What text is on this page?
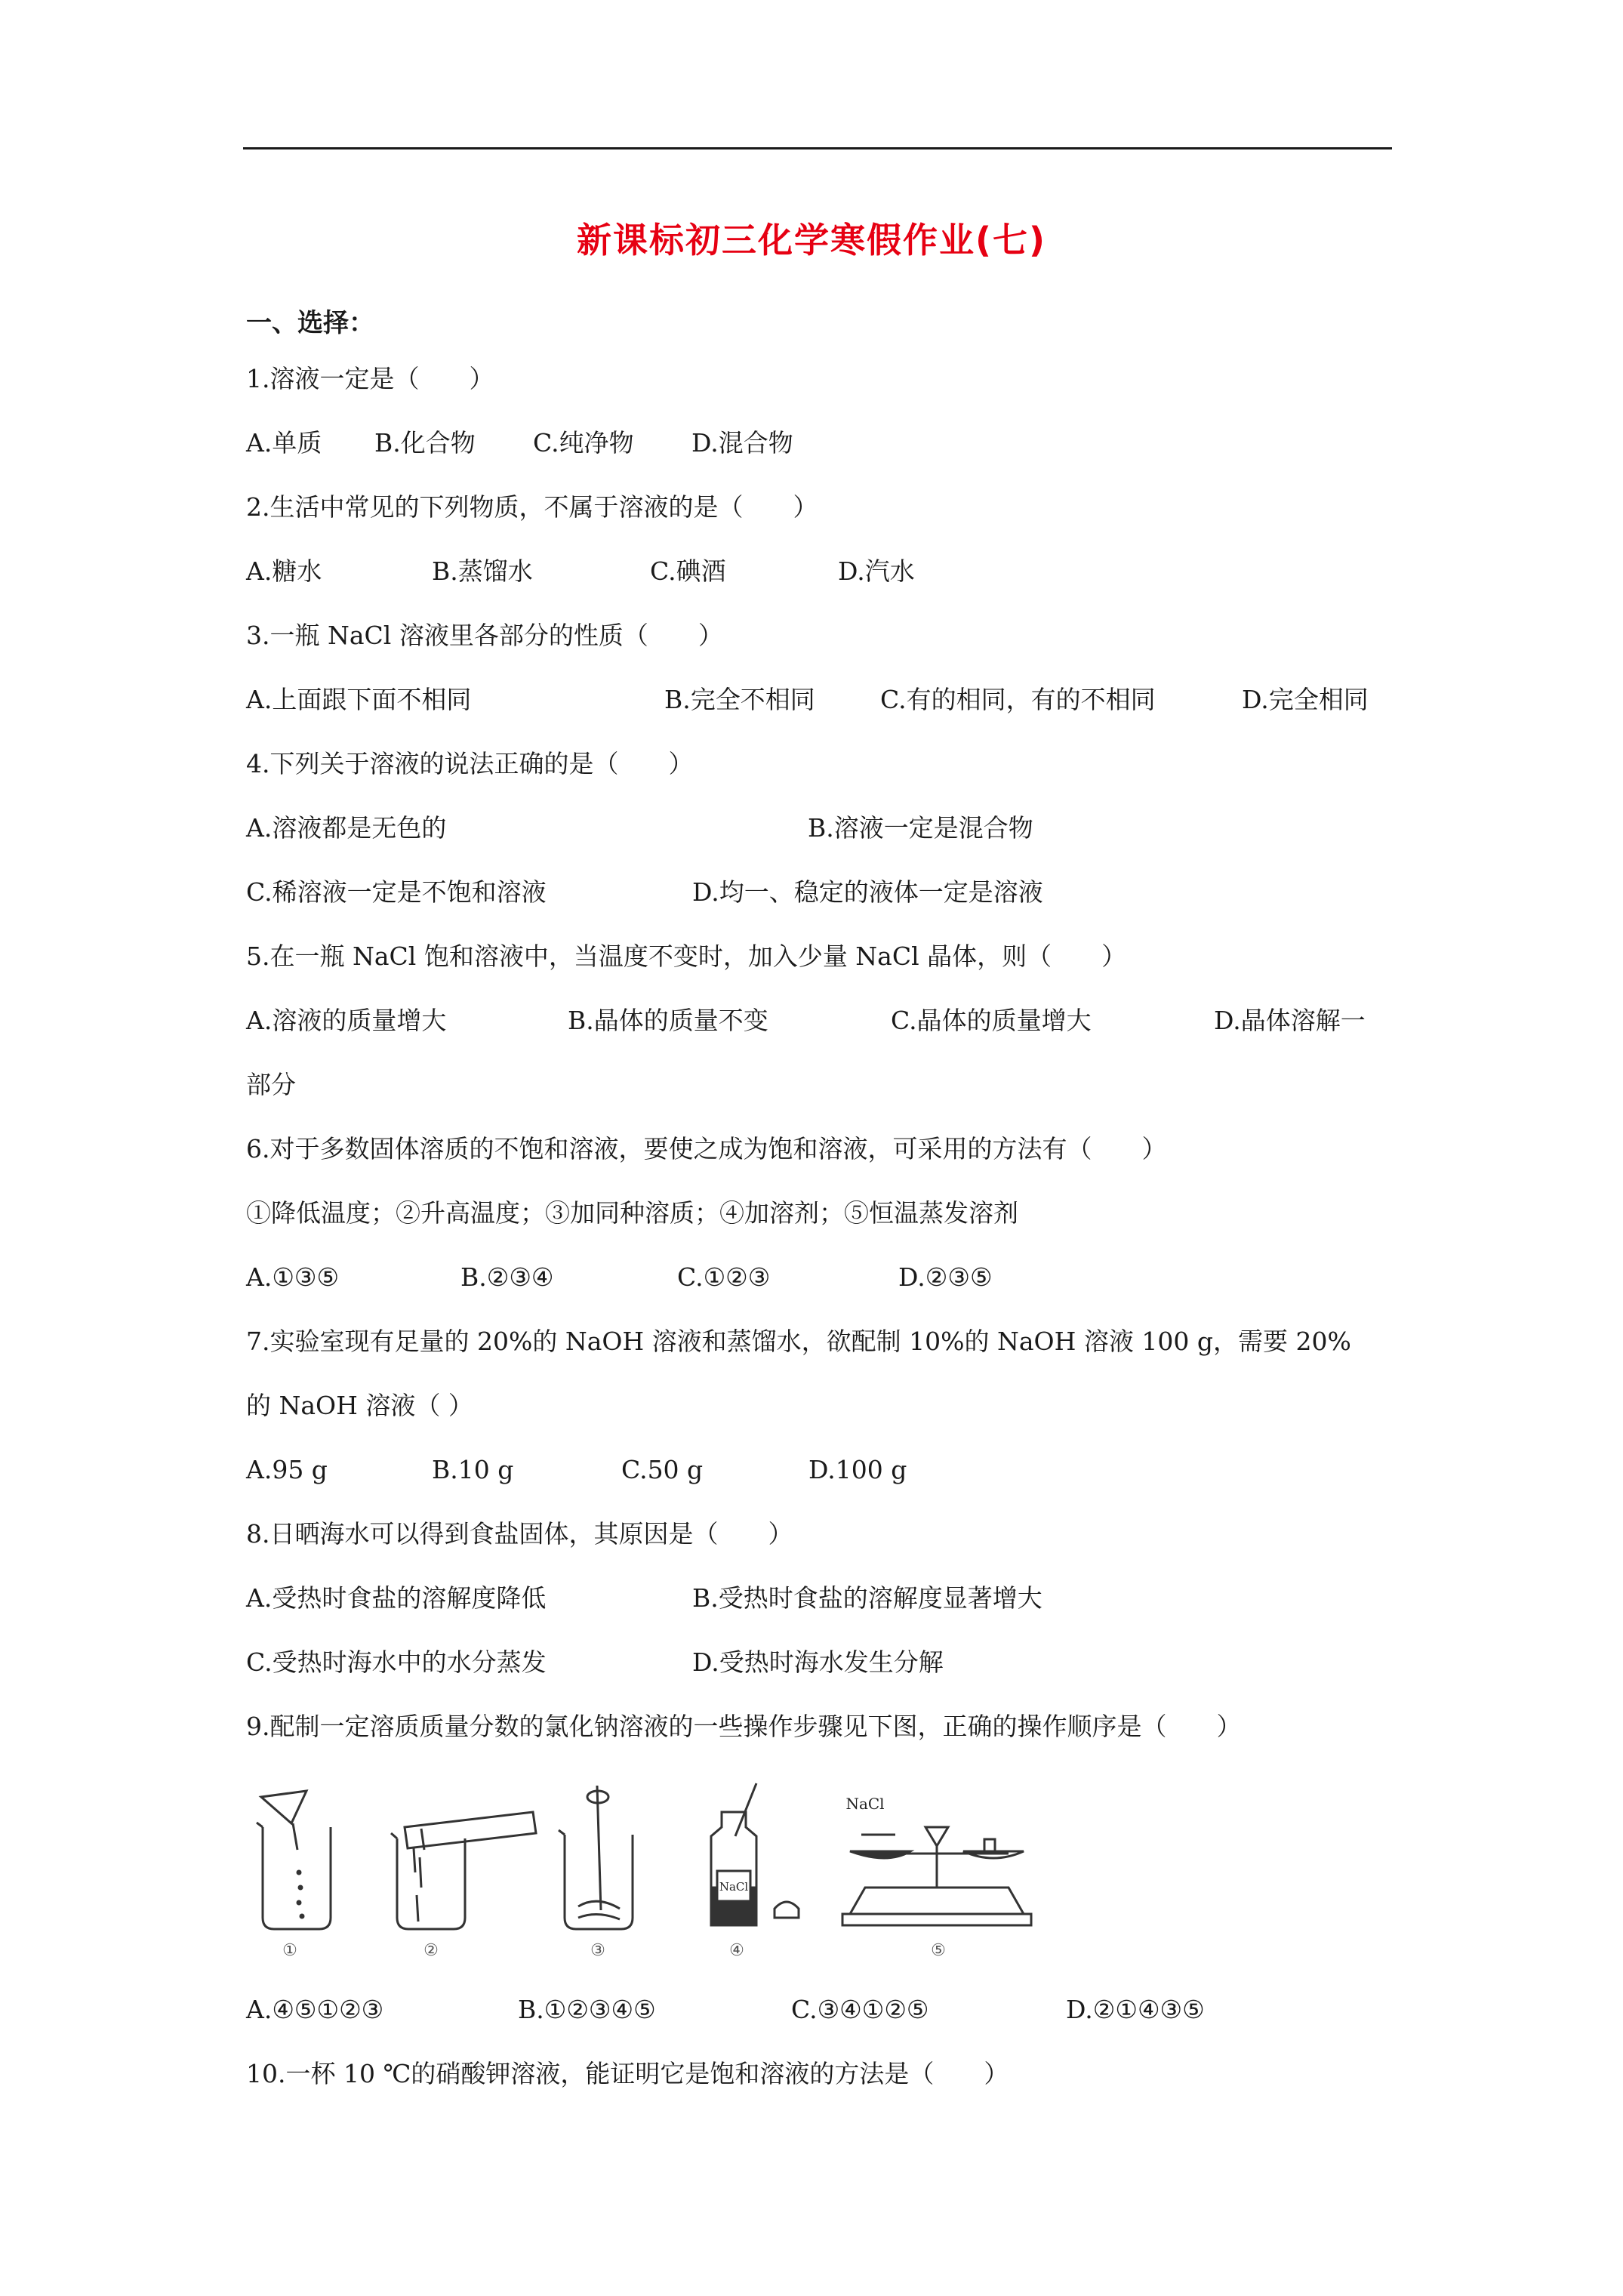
新课标初三化学寒假作业(七)
一、选择：
1.溶液一定是（　　）
A.单质 B.化合物 C.纯净物 D.混合物
2.生活中常见的下列物质，不属于溶液的是（　　）
A.糖水	B.蒸馏水	C.碘酒	D.汽水
3.一瓶 NaCl 溶液里各部分的性质（　　）
A.上面跟下面不相同	B.完全不相同	C.有的相同，有的不相同	D.完全相同
4.下列关于溶液的说法正确的是（　　）
A.溶液都是无色的	B.溶液一定是混合物
C.稀溶液一定是不饱和溶液	D.均一、稳定的液体一定是溶液
5.在一瓶 NaCl 饱和溶液中，当温度不变时，加入少量 NaCl 晶体，则（　　）
A.溶液的质量增大	B.晶体的质量不变	C.晶体的质量增大	D.晶体溶解一
部分
6.对于多数固体溶质的不饱和溶液，要使之成为饱和溶液，可采用的方法有（　　）
①降低温度；②升高温度；③加同种溶质；④加溶剂；⑤恒温蒸发溶剂
A.①③⑤	B.②③④	C.①②③	D.②③⑤
7.实验室现有足量的 20%的 NaOH 溶液和蒸馏水，欲配制 10%的 NaOH 溶液 100 g，需要 20%
的 NaOH 溶液（ ）
A.95 g	B.10 g	C.50 g	D.100 g
8.日晒海水可以得到食盐固体，其原因是（　　）
A.受热时食盐的溶解度降低	B.受热时食盐的溶解度显著增大
C.受热时海水中的水分蒸发	D.受热时海水发生分解
9.配制一定溶质质量分数的氯化钠溶液的一些操作步骤见下图，正确的操作顺序是（　　）
①	②	③
NaCl
④
NaCl
⑤
A.④⑤①②③	B.①②③④⑤	C.③④①②⑤	D.②①④③⑤
10.一杯 10 ℃的硝酸钾溶液，能证明它是饱和溶液的方法是（　　）
